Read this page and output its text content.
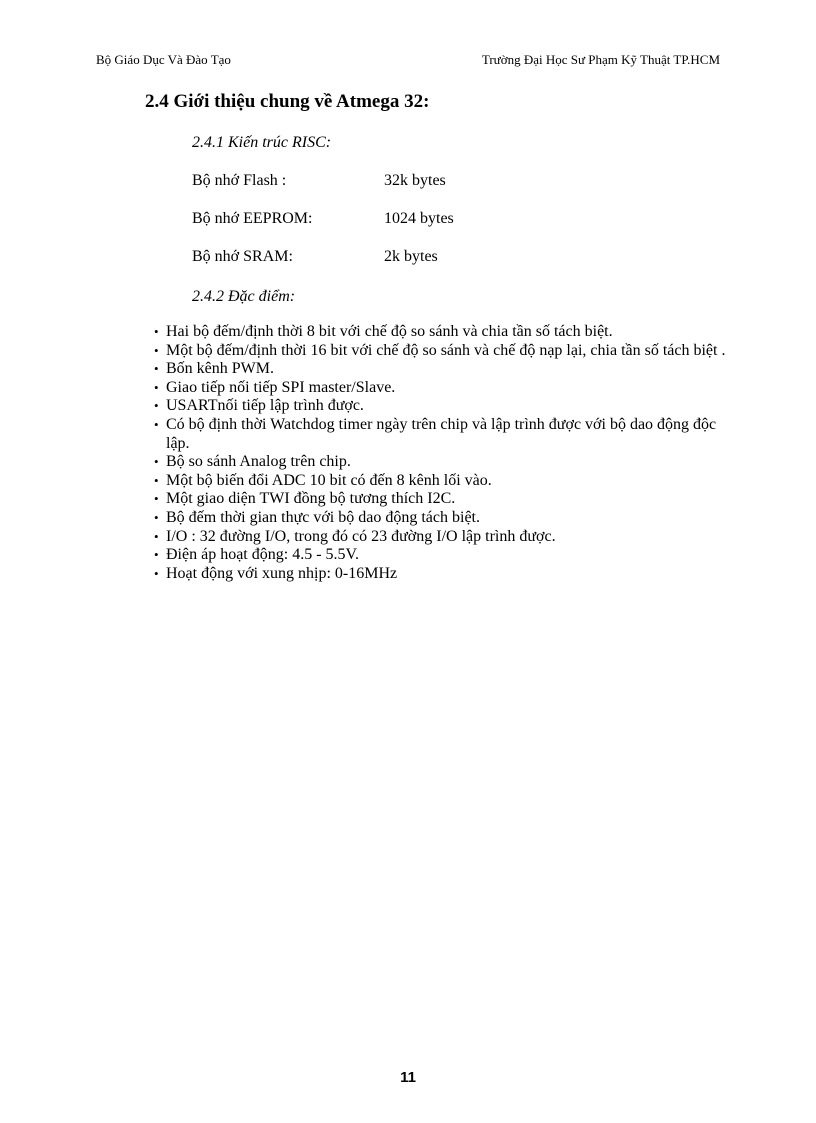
Bộ Giáo Dục Và Đào Tạo	Trường Đại Học Sư Phạm Kỹ Thuật TP.HCM
2.4 Giới thiệu chung về Atmega 32:
2.4.1 Kiến trúc RISC:
Bộ nhớ Flash :	32k bytes
Bộ nhớ EEPROM:	1024 bytes
Bộ nhớ SRAM:	2k bytes
2.4.2 Đặc điểm:
• Hai bộ đếm/định thời 8 bit với chế độ so sánh và chia tần số tách biệt.
• Một bộ đếm/định thời 16 bit với chế độ so sánh và chế độ nạp lại, chia tần số tách biệt .
• Bốn kênh PWM.
• Giao tiếp nối tiếp SPI master/Slave.
• USARTnối tiếp lập trình được.
• Có bộ định thời Watchdog timer ngày trên chip và lập trình được với bộ dao động độc lập.
• Bộ so sánh Analog trên chip.
• Một bộ biến đổi ADC 10 bit có đến 8 kênh lối vào.
• Một giao diện TWI đồng bộ tương thích I2C.
• Bộ đếm thời gian thực với bộ dao động tách biệt.
• I/O : 32 đường I/O, trong đó có 23 đường I/O lập trình được.
• Điện áp hoạt động: 4.5 - 5.5V.
• Hoạt động với xung nhịp: 0-16MHz
11
